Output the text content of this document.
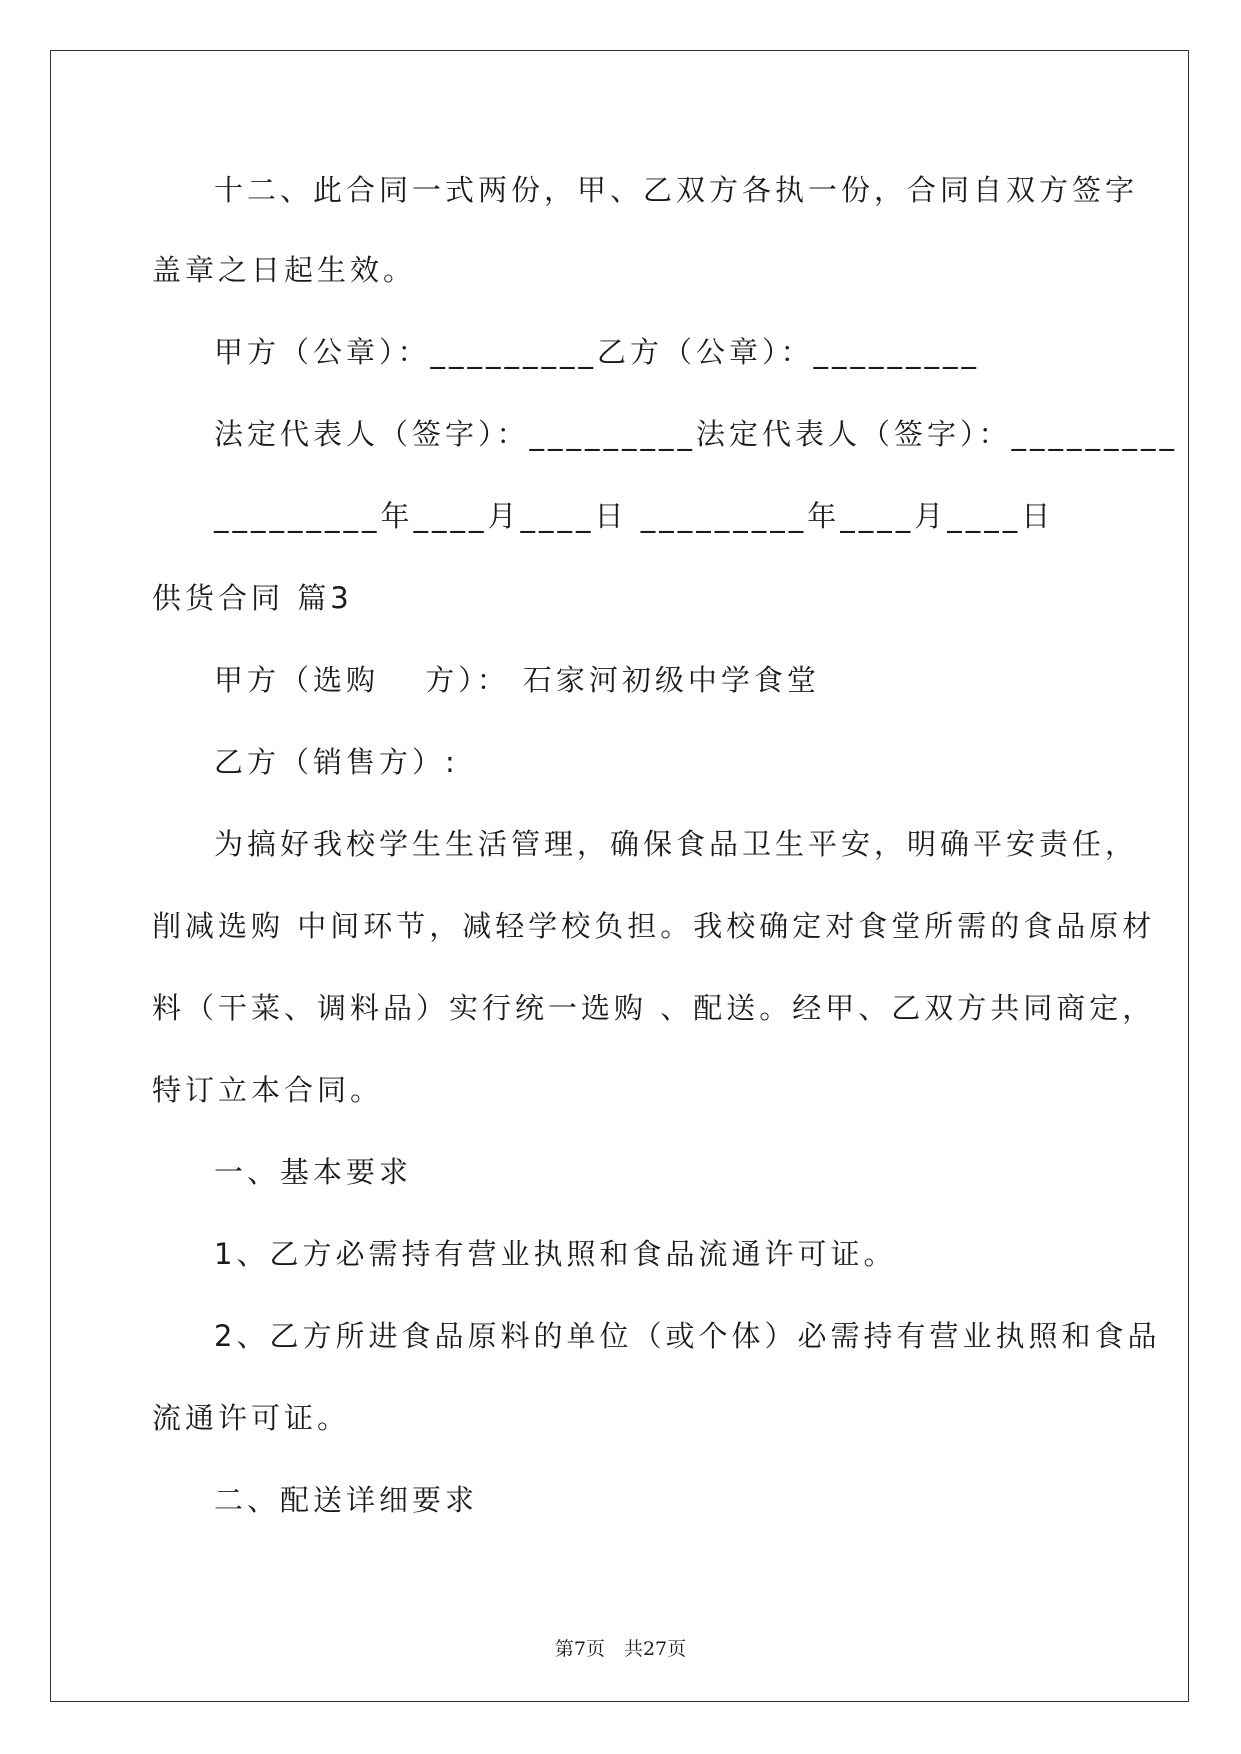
十二、此合同一式两份，甲、乙双方各执一份，合同自双方签字

盖章之日起生效。

甲方（公章）：_________乙方（公章）：_________

法定代表人（签字）：_________法定代表人（签字）：_________

_________年____月____日 _________年____月____日

供货合同 篇3

甲方（选购　 方）： 石家河初级中学食堂

乙方（销售方）:

为搞好我校学生生活管理，确保食品卫生平安，明确平安责任，

削减选购 中间环节，减轻学校负担。我校确定对食堂所需的食品原材

料（干菜、调料品）实行统一选购 、配送。经甲、乙双方共同商定，

特订立本合同。

一、基本要求

1、乙方必需持有营业执照和食品流通许可证。

2、乙方所进食品原料的单位（或个体）必需持有营业执照和食品

流通许可证。

二、配送详细要求

第7页　共27页
